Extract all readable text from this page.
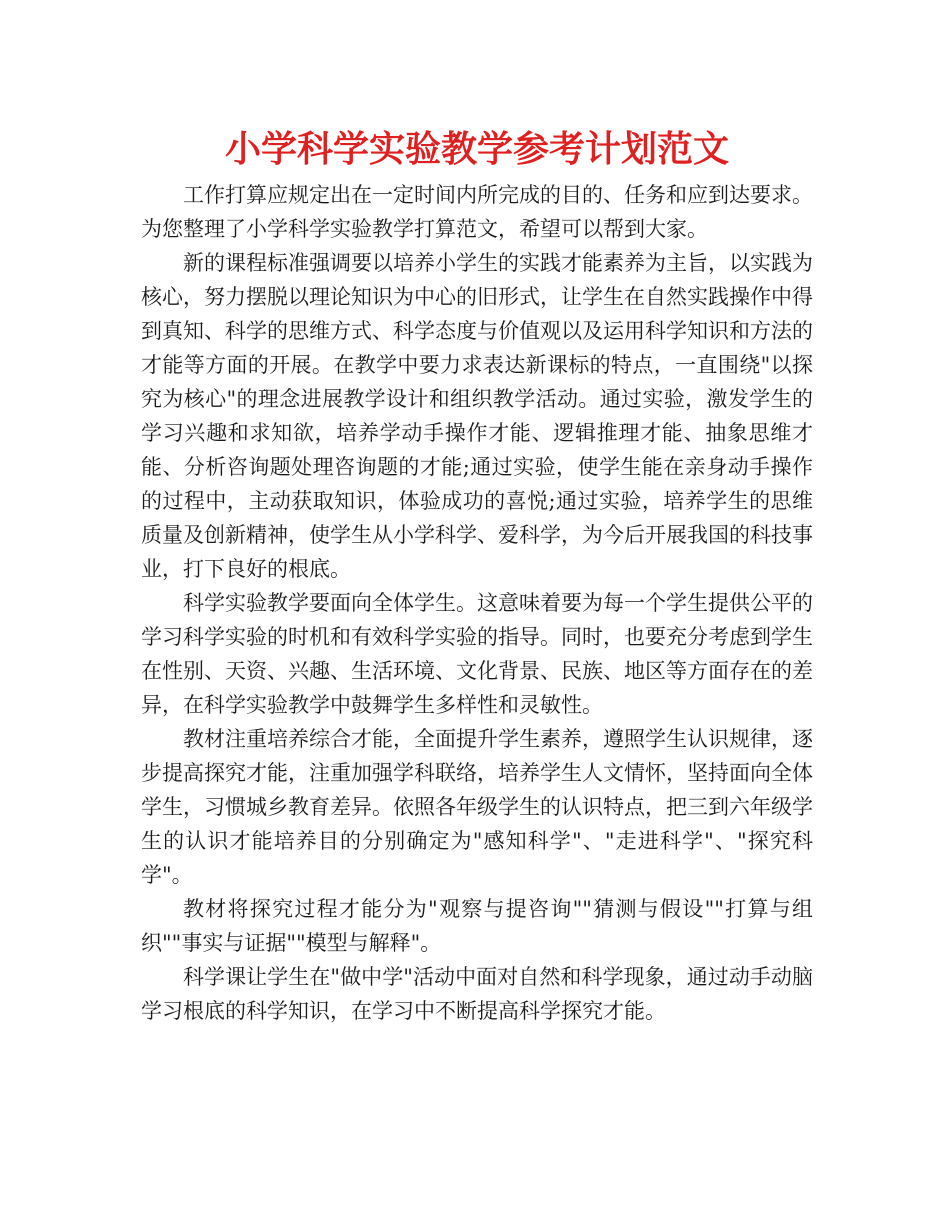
小学科学实验教学参考计划范文

工作打算应规定出在一定时间内所完成的目的、任务和应到达要求。为您整理了小学科学实验教学打算范文，希望可以帮到大家。

新的课程标准强调要以培养小学生的实践才能素养为主旨，以实践为核心，努力摆脱以理论知识为中心的旧形式，让学生在自然实践操作中得到真知、科学的思维方式、科学态度与价值观以及运用科学知识和方法的才能等方面的开展。在教学中要力求表达新课标的特点，一直围绕"以探究为核心"的理念进展教学设计和组织教学活动。通过实验，激发学生的学习兴趣和求知欲，培养学动手操作才能、逻辑推理才能、抽象思维才能、分析咨询题处理咨询题的才能;通过实验，使学生能在亲身动手操作的过程中，主动获取知识，体验成功的喜悦;通过实验，培养学生的思维质量及创新精神，使学生从小学科学、爱科学，为今后开展我国的科技事业，打下良好的根底。

科学实验教学要面向全体学生。这意味着要为每一个学生提供公平的学习科学实验的时机和有效科学实验的指导。同时，也要充分考虑到学生在性别、天资、兴趣、生活环境、文化背景、民族、地区等方面存在的差异，在科学实验教学中鼓舞学生多样性和灵敏性。

教材注重培养综合才能，全面提升学生素养，遵照学生认识规律，逐步提高探究才能，注重加强学科联络，培养学生人文情怀，坚持面向全体学生，习惯城乡教育差异。依照各年级学生的认识特点，把三到六年级学生的认识才能培养目的分别确定为"感知科学"、"走进科学"、"探究科学"。

教材将探究过程才能分为"观察与提咨询""猜测与假设""打算与组织""事实与证据""模型与解释"。

科学课让学生在"做中学"活动中面对自然和科学现象，通过动手动脑学习根底的科学知识，在学习中不断提高科学探究才能。
